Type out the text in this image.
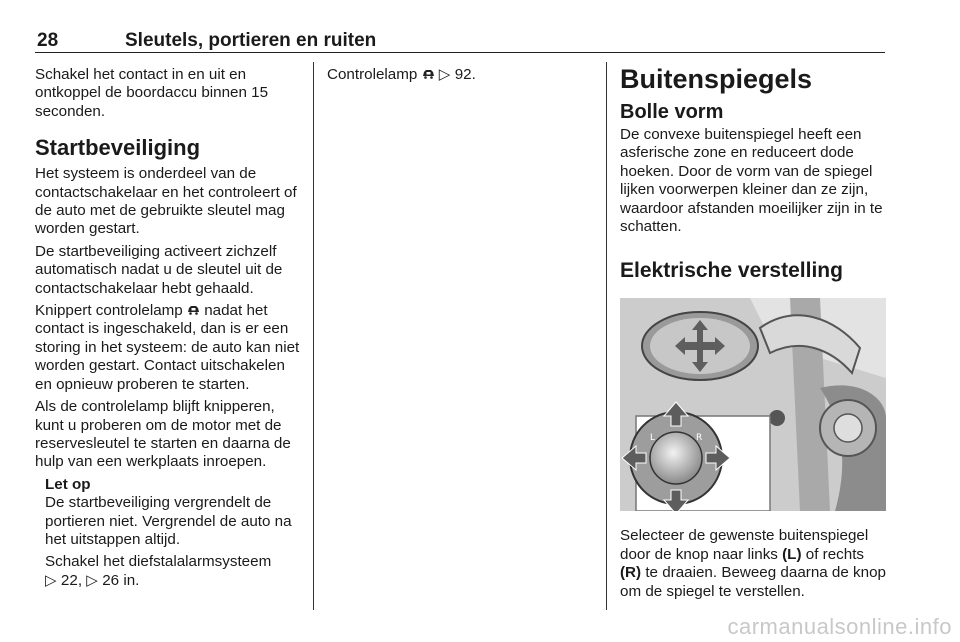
28	Sleutels, portieren en ruiten

Schakel het contact in en uit en ontkoppel de boordaccu binnen 15 seconden.

Startbeveiliging

Het systeem is onderdeel van de contactschakelaar en het controleert of de auto met de gebruikte sleutel mag worden gestart.

De startbeveiliging activeert zichzelf automatisch nadat u de sleutel uit de contactschakelaar hebt gehaald.

Knippert controlelamp nadat het contact is ingeschakeld, dan is er een storing in het systeem: de auto kan niet worden gestart. Contact uitschakelen en opnieuw proberen te starten.

Als de controlelamp blijft knipperen, kunt u proberen om de motor met de reservesleutel te starten en daarna de hulp van een werkplaats inroepen.

Let op

De startbeveiliging vergrendelt de portieren niet. Vergrendel de auto na het uitstappen altijd.

Schakel het diefstalalarmsysteem
▷ 22, ▷ 26 in.

Controlelamp ▷ 92.	Buitenspiegels
Bolle vorm

De convexe buitenspiegel heeft een asferische zone en reduceert dode hoeken. Door de vorm van de spiegel lijken voorwerpen kleiner dan ze zijn, waardoor afstanden moeilijker zijn in te schatten.

Elektrische verstelling
L	R

Selecteer de gewenste buitenspiegel door de knop naar links (L) of rechts (R) te draaien. Beweeg daarna de knop om de spiegel te verstellen.

carmanualsonline.info
